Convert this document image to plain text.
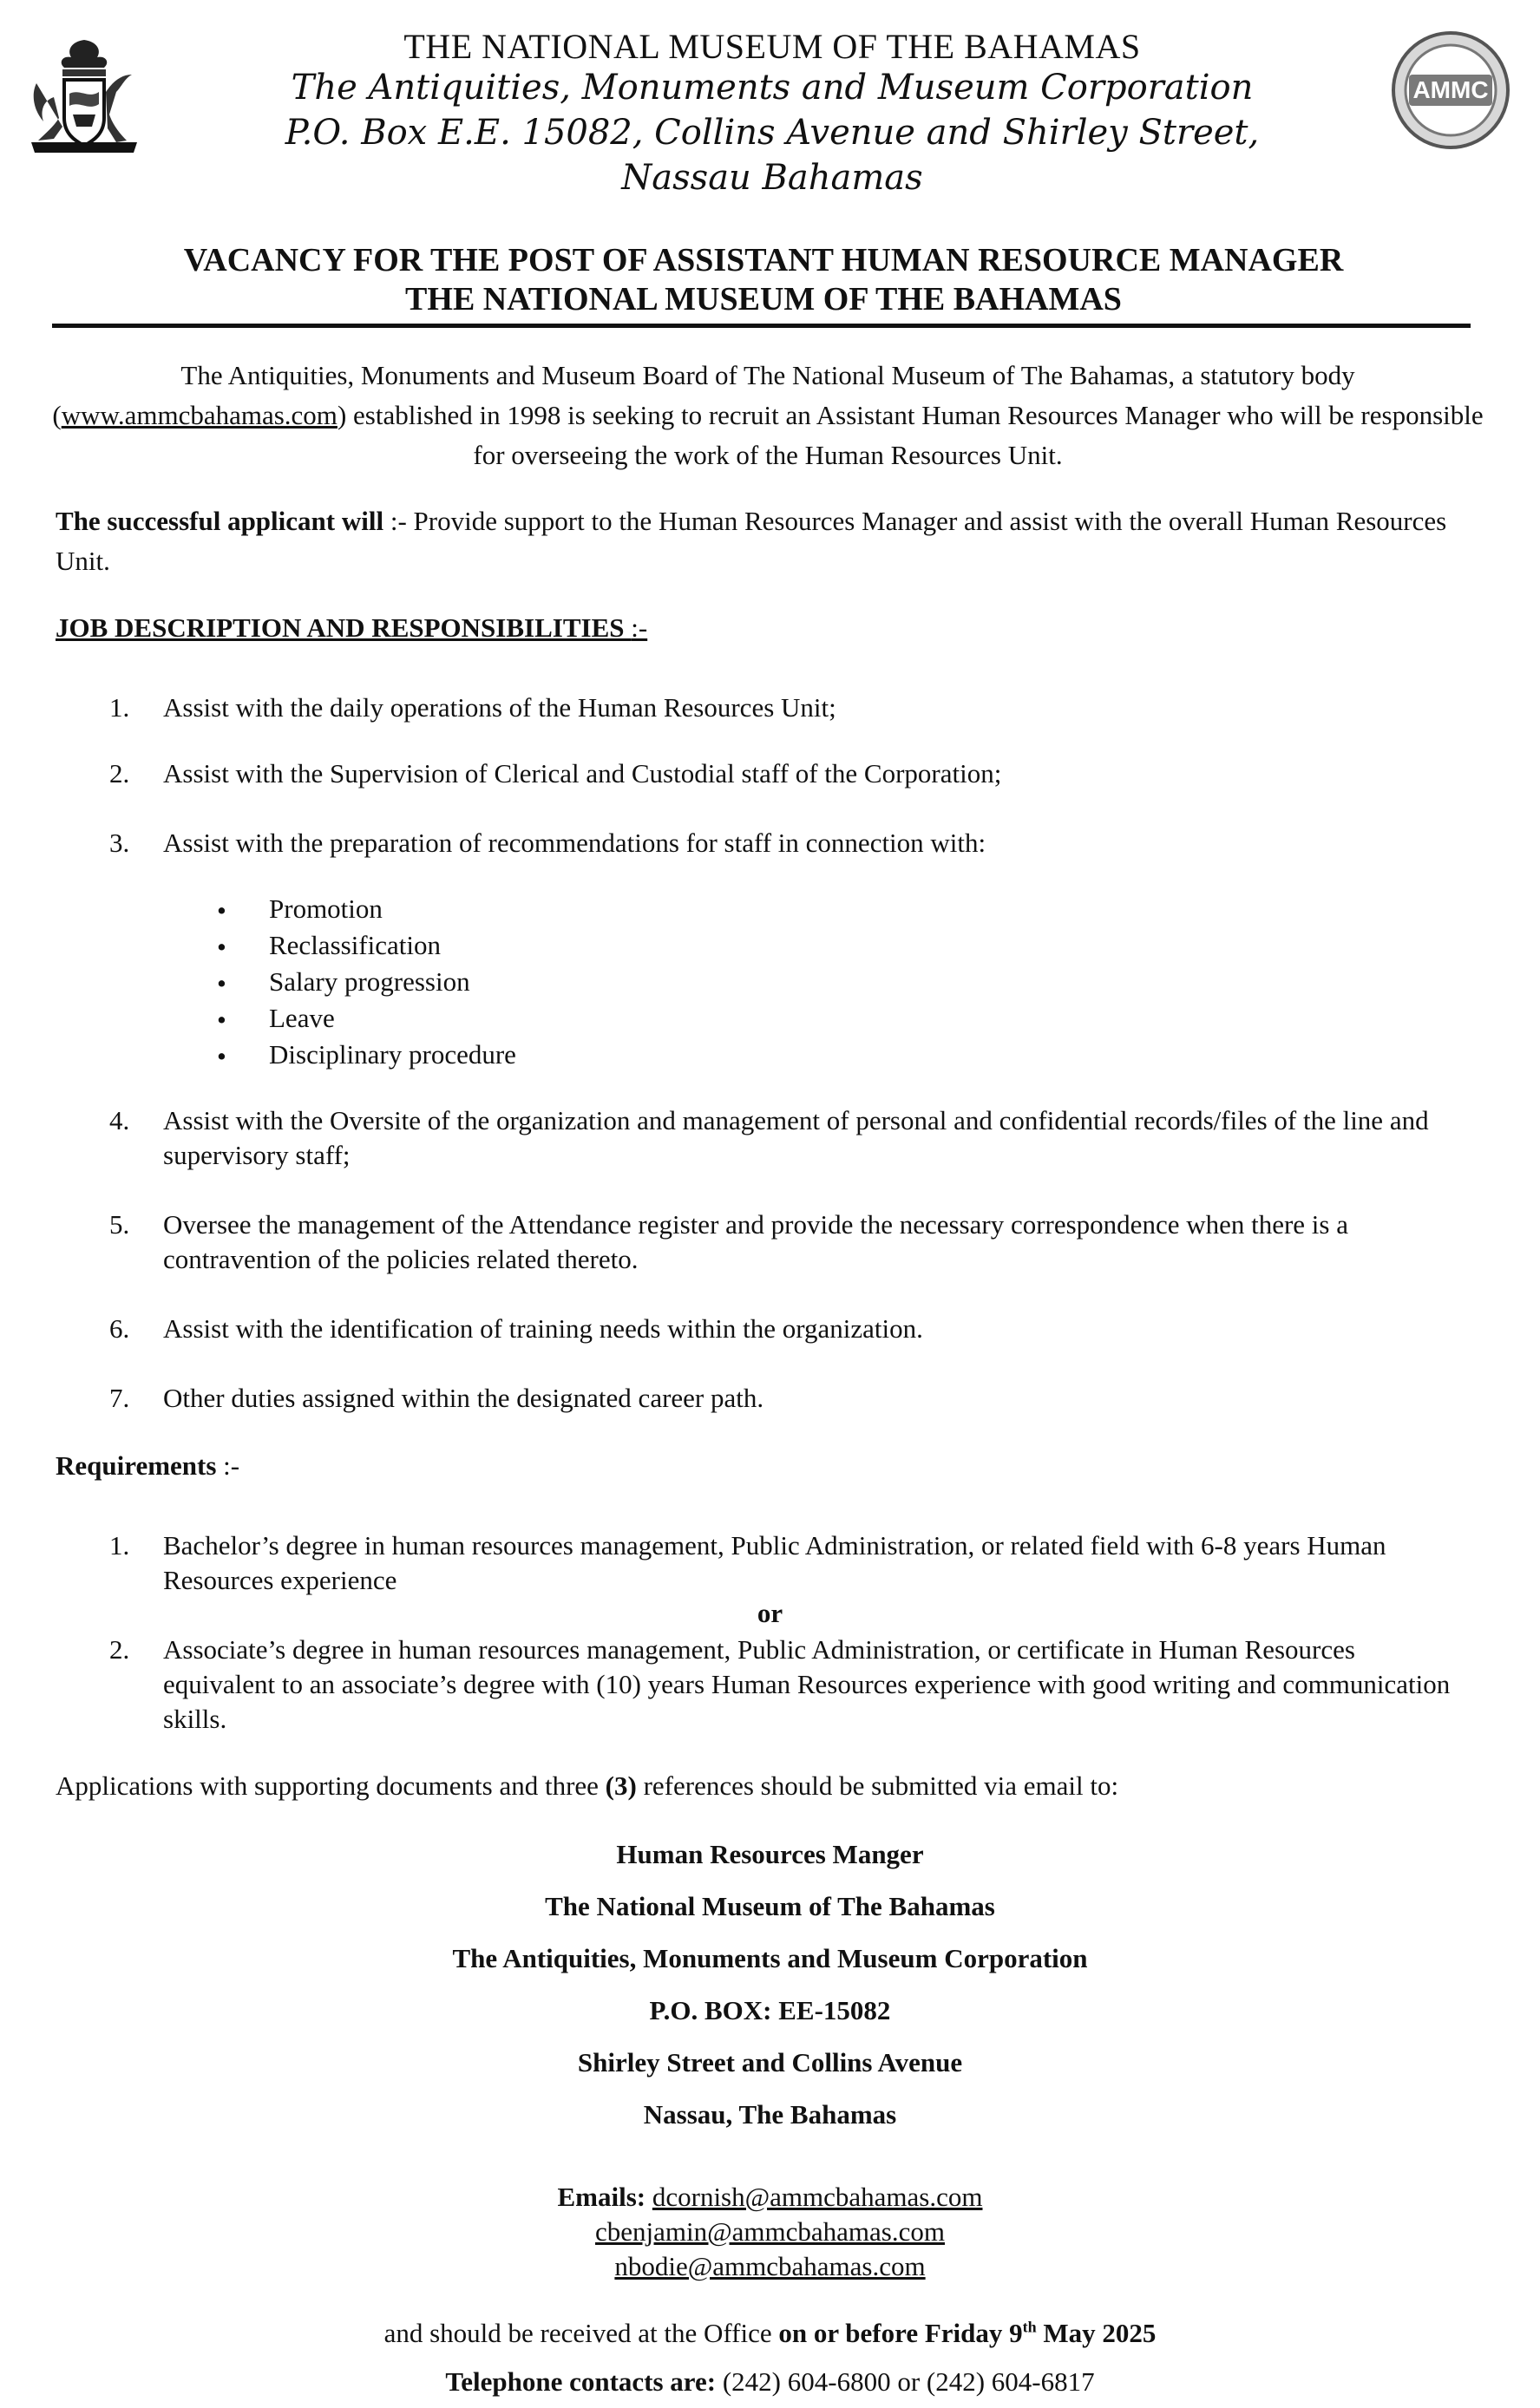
AMMC
THE NATIONAL MUSEUM OF THE BAHAMAS
The Antiquities, Monuments and Museum Corporation
P.O. Box E.E. 15082, Collins Avenue and Shirley Street,
Nassau Bahamas
VACANCY FOR THE POST OF ASSISTANT HUMAN RESOURCE MANAGER
THE NATIONAL MUSEUM OF THE BAHAMAS
The Antiquities, Monuments and Museum Board of The National Museum of The Bahamas, a statutory body (www.ammcbahamas.com) established in 1998 is seeking to recruit an Assistant Human Resources Manager who will be responsible for overseeing the work of the Human Resources Unit.
The successful applicant will :- Provide support to the Human Resources Manager and assist with the overall Human Resources Unit.
JOB DESCRIPTION AND RESPONSIBILITIES :-
1.	Assist with the daily operations of the Human Resources Unit;
2.	Assist with the Supervision of Clerical and Custodial staff of the Corporation;
3.	Assist with the preparation of recommendations for staff in connection with:
• Promotion
• Reclassification
• Salary progression
• Leave
• Disciplinary procedure
4.	Assist with the Oversite of the organization and management of personal and confidential records/files of the line and supervisory staff;
5.	Oversee the management of the Attendance register and provide the necessary correspondence when there is a contravention of the policies related thereto.
6.	Assist with the identification of training needs within the organization.
7.	Other duties assigned within the designated career path.
Requirements :-
1.	Bachelor’s degree in human resources management, Public Administration, or related field with 6-8 years Human Resources experience
or
2.	Associate’s degree in human resources management, Public Administration, or certificate in Human Resources equivalent to an associate’s degree with (10) years Human Resources experience with good writing and communication skills.
Applications with supporting documents and three (3) references should be submitted via email to:
Human Resources Manger
The National Museum of The Bahamas
The Antiquities, Monuments and Museum Corporation
P.O. BOX: EE-15082
Shirley Street and Collins Avenue
Nassau, The Bahamas
Emails: dcornish@ammcbahamas.com
cbenjamin@ammcbahamas.com
nbodie@ammcbahamas.com
and should be received at the Office on or before Friday 9th May 2025
Telephone contacts are: (242) 604-6800 or (242) 604-6817
